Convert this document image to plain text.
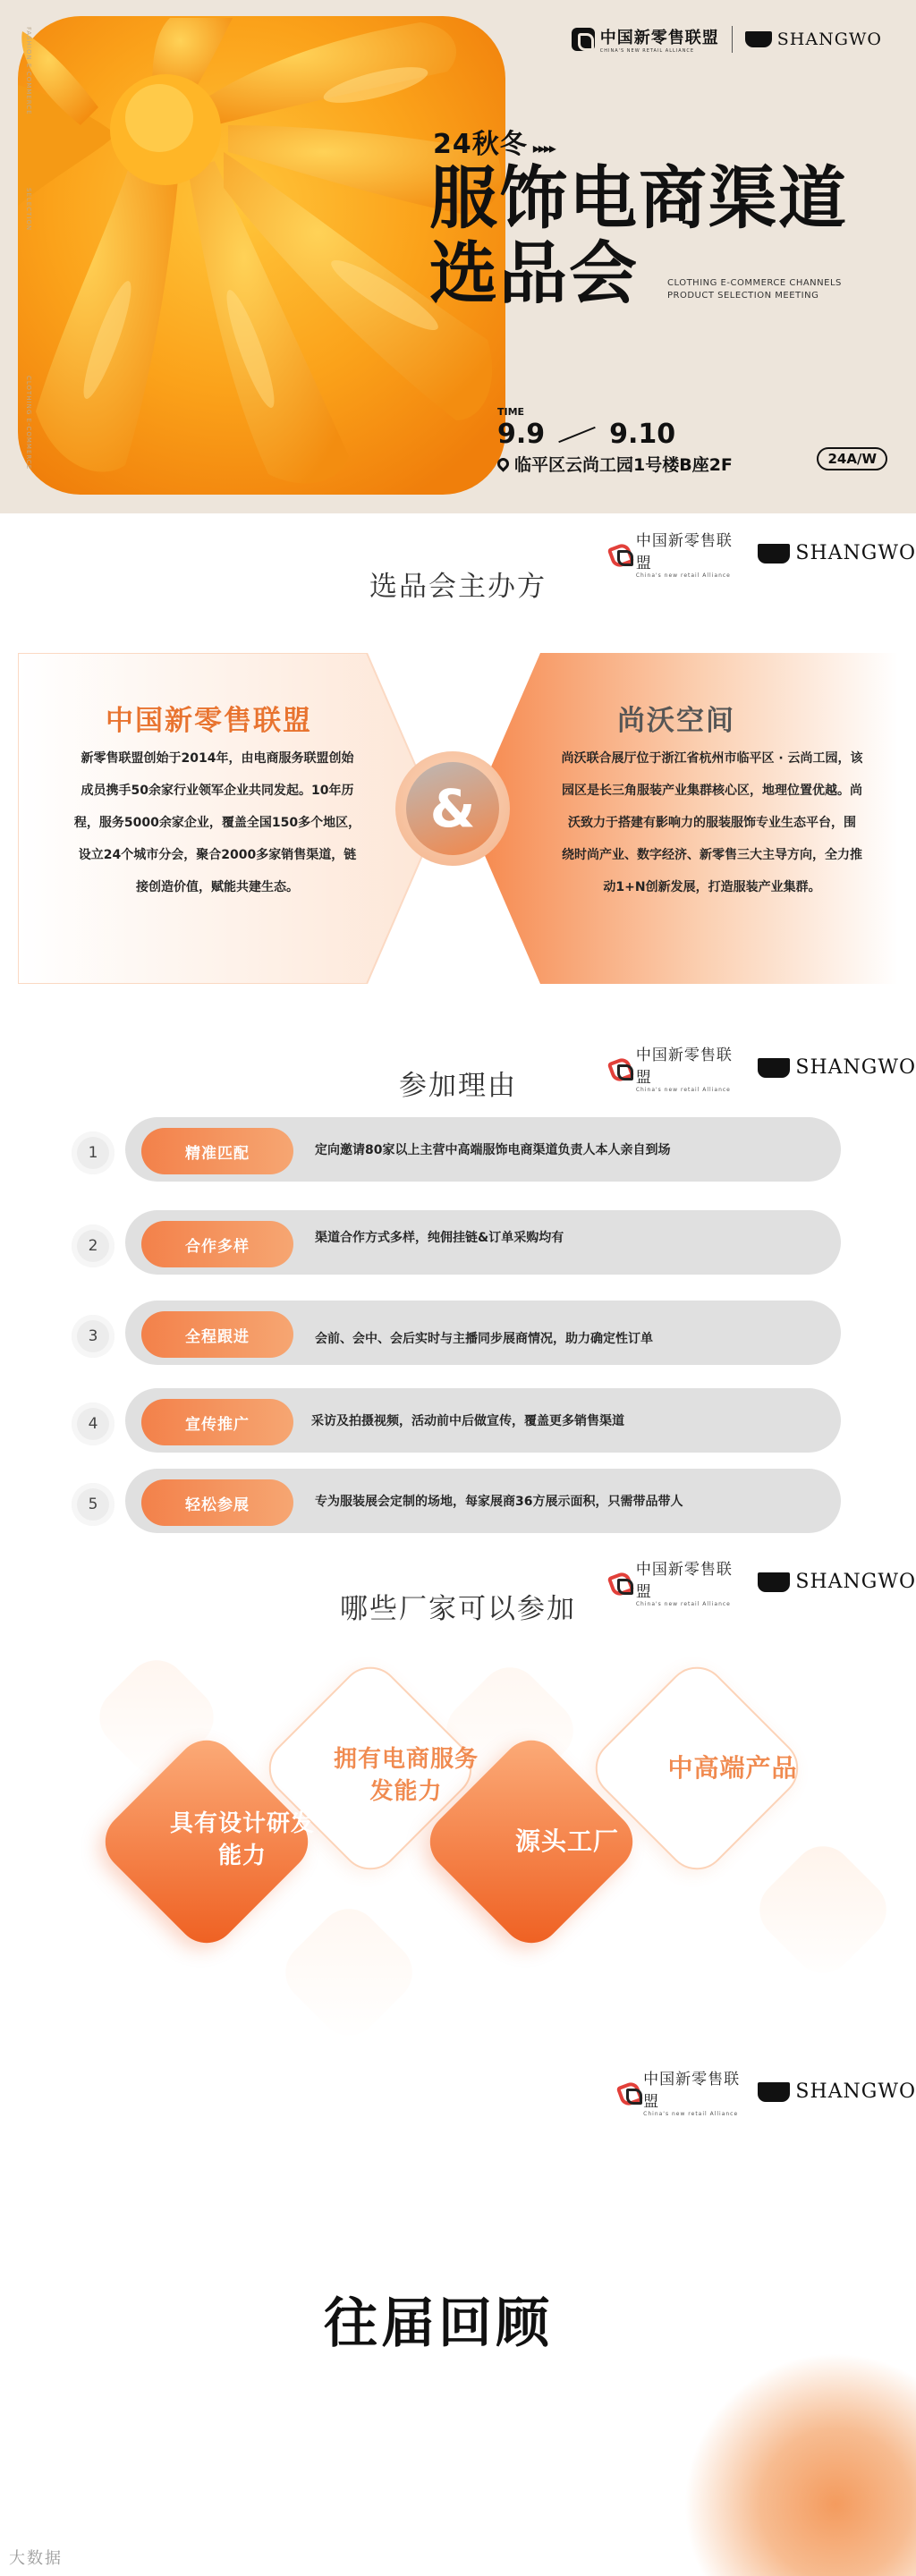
FASHION E-COMMERCE
SELECTION
CLOTHING E-COMMERCE
中国新零售联盟
CHINA'S NEW RETAIL ALLIANCE
SHANGWO
24秋冬 ▸▸▸▸
服饰电商渠道
选品会	CLOTHING E-COMMERCE CHANNELS
PRODUCT SELECTION MEETING
TIME
9.9 9.10
临平区云尚工园1号楼B座2F	24A/W
中国新零售联盟
China's new retail Alliance
SHANGWO
选品会主办方
中国新零售联盟
新零售联盟创始于2014年，由电商服务联盟创始
成员携手50余家行业领军企业共同发起。10年历
程，服务5000余家企业，覆盖全国150多个地区，
设立24个城市分会，聚合2000多家销售渠道，链
接创造价值，赋能共建生态。
尚沃空间
尚沃联合展厅位于浙江省杭州市临平区 · 云尚工园，该
园区是长三角服装产业集群核心区，地理位置优越。尚
沃致力于搭建有影响力的服装服饰专业生态平台，围
绕时尚产业、数字经济、新零售三大主导方向，全力推
动1+N创新发展，打造服装产业集群。
&
中国新零售联盟
China's new retail Alliance
SHANGWO
参加理由
1	精准匹配	定向邀请80家以上主营中高端服饰电商渠道负责人本人亲自到场
2	合作多样	渠道合作方式多样，纯佣挂链&订单采购均有
3	全程跟进	会前、会中、会后实时与主播同步展商情况，助力确定性订单
4	宣传推广	采访及拍摄视频，活动前中后做宣传，覆盖更多销售渠道
5	轻松参展	专为服装展会定制的场地，每家展商36方展示面积，只需带品带人
中国新零售联盟
China's new retail Alliance
SHANGWO
哪些厂家可以参加
具有设计研发
能力
拥有电商服务
发能力
源头工厂
中高端产品
中国新零售联盟
China's new retail Alliance
SHANGWO
往届回顾
大数据
